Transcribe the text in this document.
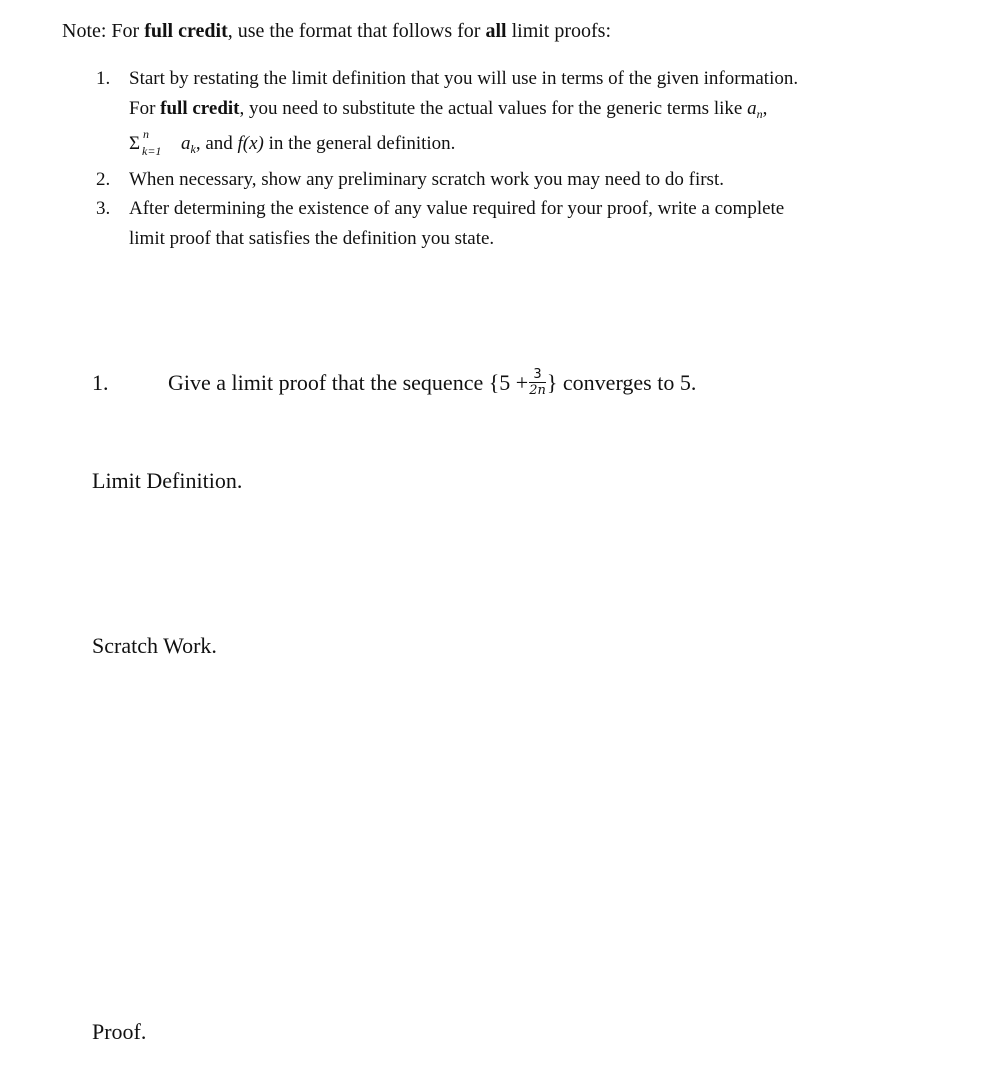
Note: For full credit, use the format that follows for all limit proofs:
1. Start by restating the limit definition that you will use in terms of the given information.
For full credit, you need to substitute the actual values for the generic terms like $a_n$,
Σ n
k=1 $a_k$, and f(x) in the general definition.
2. When necessary, show any preliminary scratch work you may need to do first.
3. After determining the existence of any value required for your proof, write a complete
limit proof that satisfies the definition you state.
1.	Give a limit proof that the sequence {$5 + \frac{3}{2n}$ } converges to 5.
Limit Definition.
Scratch Work.
Proof.
